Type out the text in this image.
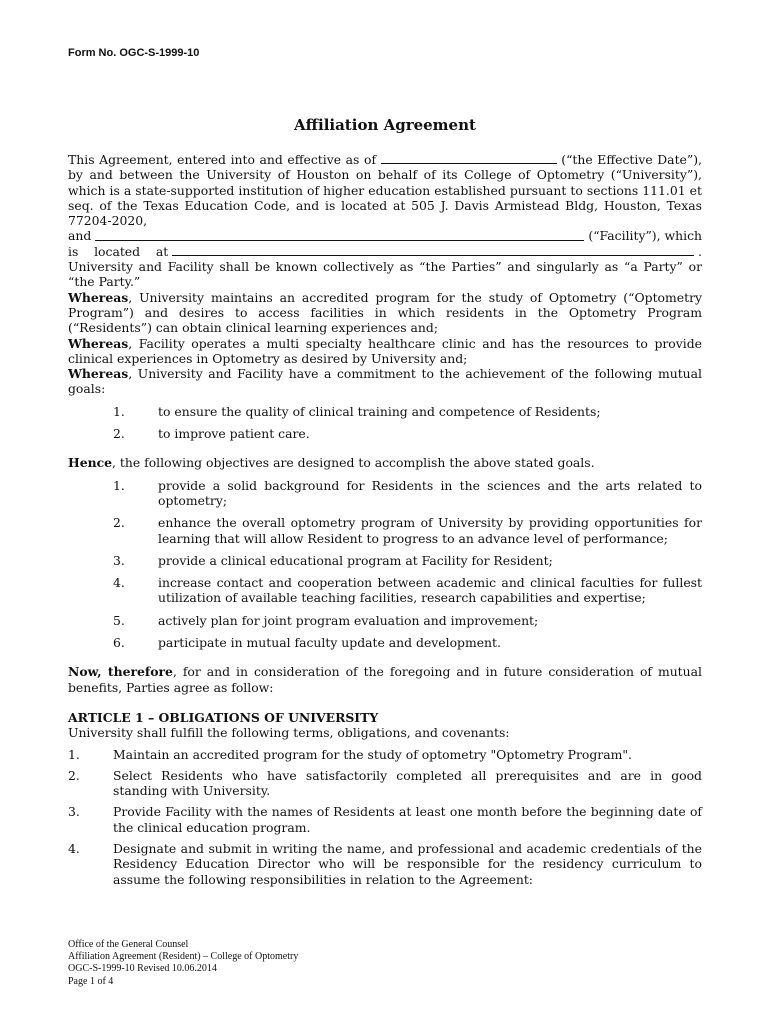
Form No. OGC-S-1999-10
Affiliation Agreement

This Agreement, entered into and effective as of	(“the Effective Date”), by and between the University of Houston on behalf of its College of Optometry (“University”), which is a state-supported institution of higher education established pursuant to sections 111.01 et seq. of the Texas Education Code, and is located at 505 J. Davis Armistead Bldg, Houston, Texas 77204-2020,

and	(“Facility”), which
is    located    at	.

University and Facility shall be known collectively as “the Parties” and singularly as “a Party” or “the Party.”

Whereas, University maintains an accredited program for the study of Optometry (“Optometry Program”) and desires to access facilities in which residents in the Optometry Program (“Residents”) can obtain clinical learning experiences and;

Whereas, Facility operates a multi specialty healthcare clinic and has the resources to provide clinical experiences in Optometry as desired by University and;

Whereas, University and Facility have a commitment to the achievement of the following mutual goals:

1.	to ensure the quality of clinical training and competence of Residents;
2.	to improve patient care.

Hence, the following objectives are designed to accomplish the above stated goals.

1.	provide a solid background for Residents in the sciences and the arts related to optometry;
2.	enhance the overall optometry program of University by providing opportunities for learning that will allow Resident to progress to an advance level of performance;
3.	provide a clinical educational program at Facility for Resident;
4.	increase contact and cooperation between academic and clinical faculties for fullest utilization of available teaching facilities, research capabilities and expertise;
5.	actively plan for joint program evaluation and improvement;
6.	participate in mutual faculty update and development.

Now, therefore, for and in consideration of the foregoing and in future consideration of mutual benefits, Parties agree as follow:

ARTICLE 1 – OBLIGATIONS OF UNIVERSITY

University shall fulfill the following terms, obligations, and covenants:

1.	Maintain an accredited program for the study of optometry "Optometry Program".
2.	Select Residents who have satisfactorily completed all prerequisites and are in good standing with University.
3.	Provide Facility with the names of Residents at least one month before the beginning date of the clinical education program.
4.	Designate and submit in writing the name, and professional and academic credentials of the Residency Education Director who will be responsible for the residency curriculum to assume the following responsibilities in relation to the Agreement:
Office of the General Counsel
Affiliation Agreement (Resident) – College of Optometry
OGC-S-1999-10 Revised 10.06.2014
Page 1 of 4
